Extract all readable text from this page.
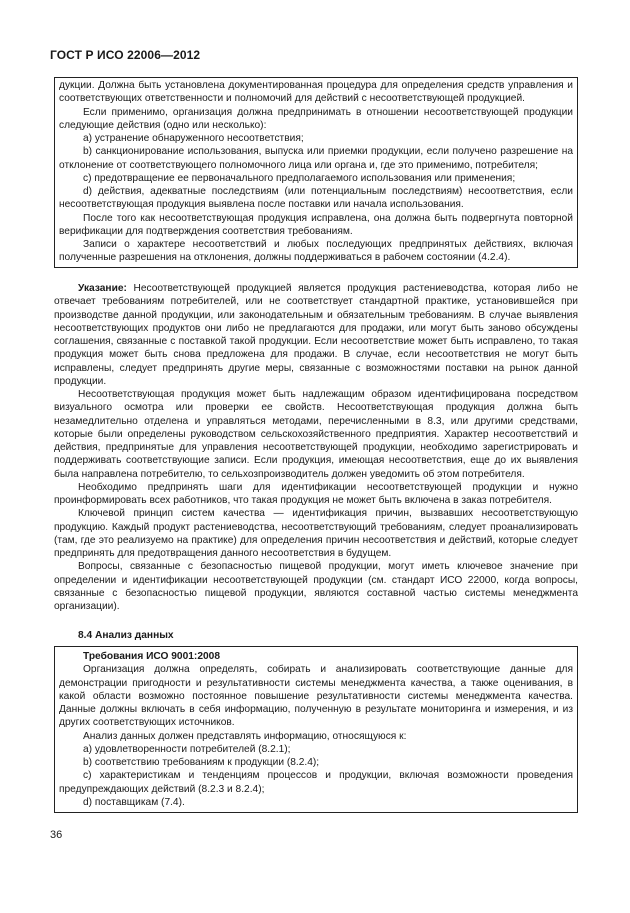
ГОСТ Р ИСО 22006—2012

дукции. Должна быть установлена документированная процедура для определения средств управления и соответствующих ответственности и полномочий для действий с несоответствующей продукцией.

Если применимо, организация должна предпринимать в отношении несоответствующей продукции следующие действия (одно или несколько):

a) устранение обнаруженного несоответствия;

b) санкционирование использования, выпуска или приемки продукции, если получено разрешение на отклонение от соответствующего полномочного лица или органа и, где это применимо, потребителя;

c) предотвращение ее первоначального предполагаемого использования или применения;

d) действия, адекватные последствиям (или потенциальным последствиям) несоответствия, если несоответствующая продукция выявлена после поставки или начала использования.

После того как несоответствующая продукция исправлена, она должна быть подвергнута повторной верификации для подтверждения соответствия требованиям.

Записи о характере несоответствий и любых последующих предпринятых действиях, включая полученные разрешения на отклонения, должны поддерживаться в рабочем состоянии (4.2.4).

Указание: Несоответствующей продукцией является продукция растениеводства, которая либо не отвечает требованиям потребителей, или не соответствует стандартной практике, установившейся при производстве данной продукции, или законодательным и обязательным требованиям. В случае выявления несоответствующих продуктов они либо не предлагаются для продажи, или могут быть заново обсуждены соглашения, связанные с поставкой такой продукции. Если несоответствие может быть исправлено, то такая продукция может быть снова предложена для продажи. В случае, если несоответствия не могут быть исправлены, следует предпринять другие меры, связанные с возможностями поставки на рынок данной продукции.

Несоответствующая продукция может быть надлежащим образом идентифицирована посредством визуального осмотра или проверки ее свойств. Несоответствующая продукция должна быть незамедлительно отделена и управляться методами, перечисленными в 8.3, или другими средствами, которые были определены руководством сельскохозяйственного предприятия. Характер несоответствий и действия, предпринятые для управления несоответствующей продукции, необходимо зарегистрировать и поддерживать соответствующие записи. Если продукция, имеющая несоответствия, еще до их выявления была направлена потребителю, то сельхозпроизводитель должен уведомить об этом потребителя.

Необходимо предпринять шаги для идентификации несоответствующей продукции и нужно проинформировать всех работников, что такая продукция не может быть включена в заказ потребителя.

Ключевой принцип систем качества — идентификация причин, вызвавших несоответствующую продукцию. Каждый продукт растениеводства, несоответствующий требованиям, следует проанализировать (там, где это реализуемо на практике) для определения причин несоответствия и действий, которые следует предпринять для предотвращения данного несоответствия в будущем.

Вопросы, связанные с безопасностью пищевой продукции, могут иметь ключевое значение при определении и идентификации несоответствующей продукции (см. стандарт ИСО 22000, когда вопросы, связанные с безопасностью пищевой продукции, являются составной частью системы менеджмента организации).

8.4 Анализ данных

Требования ИСО 9001:2008

Организация должна определять, собирать и анализировать соответствующие данные для демонстрации пригодности и результативности системы менеджмента качества, а также оценивания, в какой области возможно постоянное повышение результативности системы менеджмента качества. Данные должны включать в себя информацию, полученную в результате мониторинга и измерения, и из других соответствующих источников.

Анализ данных должен представлять информацию, относящуюся к:

a) удовлетворенности потребителей (8.2.1);

b) соответствию требованиям к продукции (8.2.4);

c) характеристикам и тенденциям процессов и продукции, включая возможности проведения предупреждающих действий (8.2.3 и 8.2.4);

d) поставщикам (7.4).

36
